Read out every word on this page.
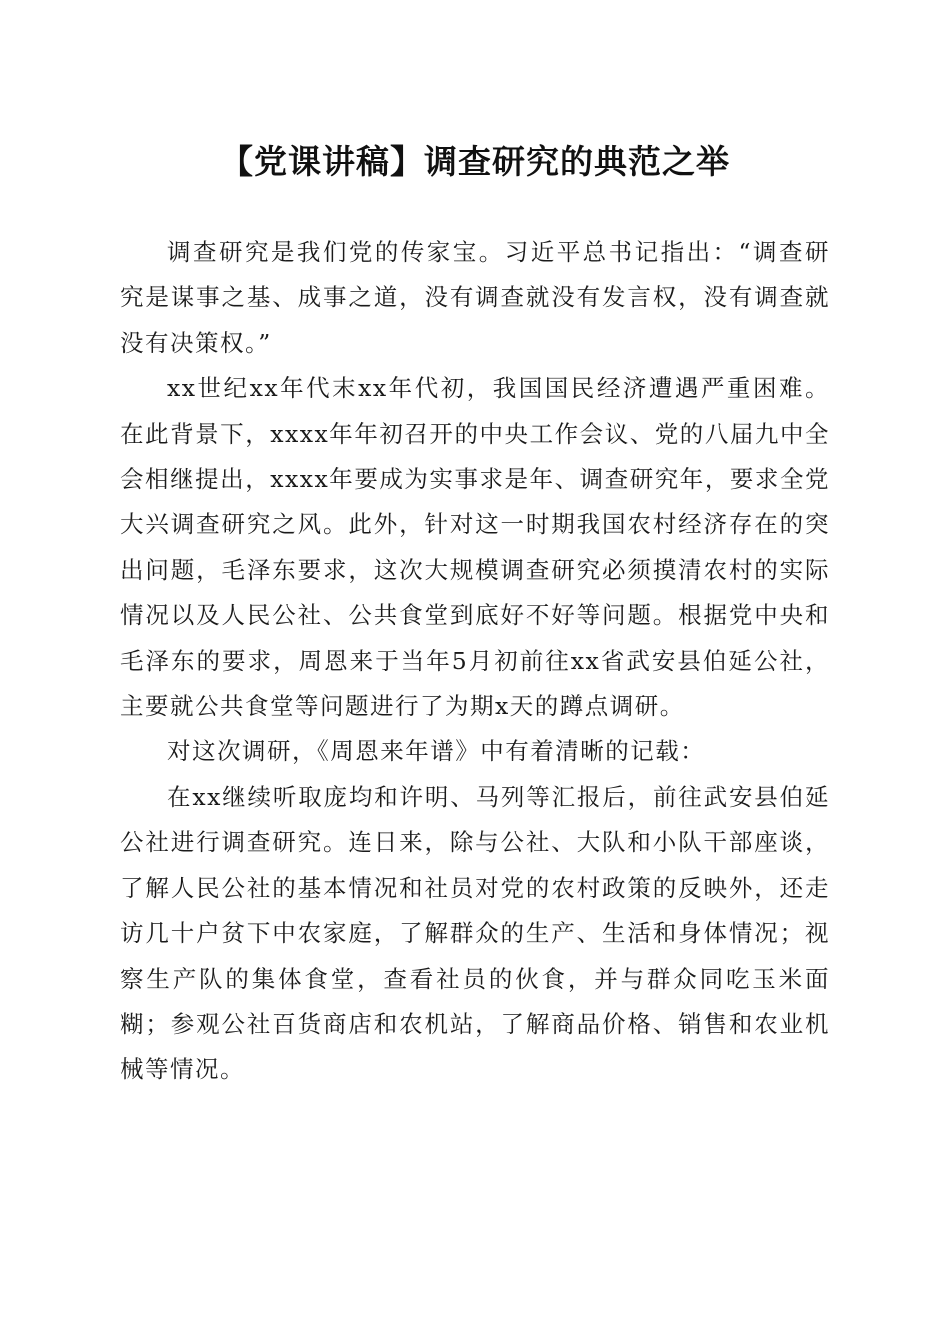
【党课讲稿】调查研究的典范之举

调查研究是我们党的传家宝。习近平总书记指出：“调查研究是谋事之基、成事之道，没有调查就没有发言权，没有调查就没有决策权。”

xx世纪xx年代末xx年代初，我国国民经济遭遇严重困难。在此背景下，xxxx年年初召开的中央工作会议、党的八届九中全会相继提出，xxxx年要成为实事求是年、调查研究年，要求全党大兴调查研究之风。此外，针对这一时期我国农村经济存在的突出问题，毛泽东要求，这次大规模调查研究必须摸清农村的实际情况以及人民公社、公共食堂到底好不好等问题。根据党中央和毛泽东的要求，周恩来于当年5月初前往xx省武安县伯延公社，主要就公共食堂等问题进行了为期x天的蹲点调研。

对这次调研，《周恩来年谱》中有着清晰的记载：

在xx继续听取庞均和许明、马列等汇报后，前往武安县伯延公社进行调查研究。连日来，除与公社、大队和小队干部座谈，了解人民公社的基本情况和社员对党的农村政策的反映外，还走访几十户贫下中农家庭，了解群众的生产、生活和身体情况；视察生产队的集体食堂，查看社员的伙食，并与群众同吃玉米面糊；参观公社百货商店和农机站，了解商品价格、销售和农业机械等情况。
